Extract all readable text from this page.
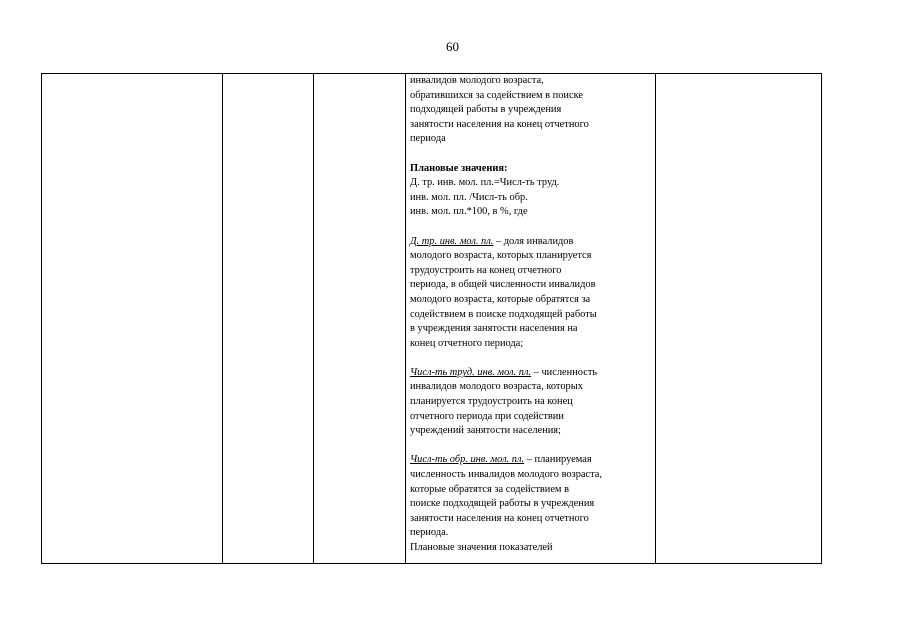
60
инвалидов молодого возраста,
обратившихся за содействием в поиске
подходящей работы в учреждения
занятости населения на конец отчетного
периода
Плановые значения:
Д. тр. инв. мол. пл.=Числ-ть труд.
инв. мол. пл. /Числ-ть обр.
инв. мол. пл.*100, в %, где
Д. тр. инв. мол. пл. – доля инвалидов
молодого возраста, которых планируется
трудоустроить на конец отчетного
периода, в общей численности инвалидов
молодого возраста, которые обратятся за
содействием в поиске подходящей работы
в учреждения занятости населения на
конец отчетного периода;
Числ-ть труд. инв. мол. пл. – численность
инвалидов молодого возраста, которых
планируется трудоустроить на конец
отчетного периода при содействии
учреждений занятости населения;
Числ-ть обр. инв. мол. пл. – планируемая
численность инвалидов молодого возраста,
которые обратятся за содействием в
поиске подходящей работы в учреждения
занятости населения на конец отчетного
периода.
Плановые значения показателей
